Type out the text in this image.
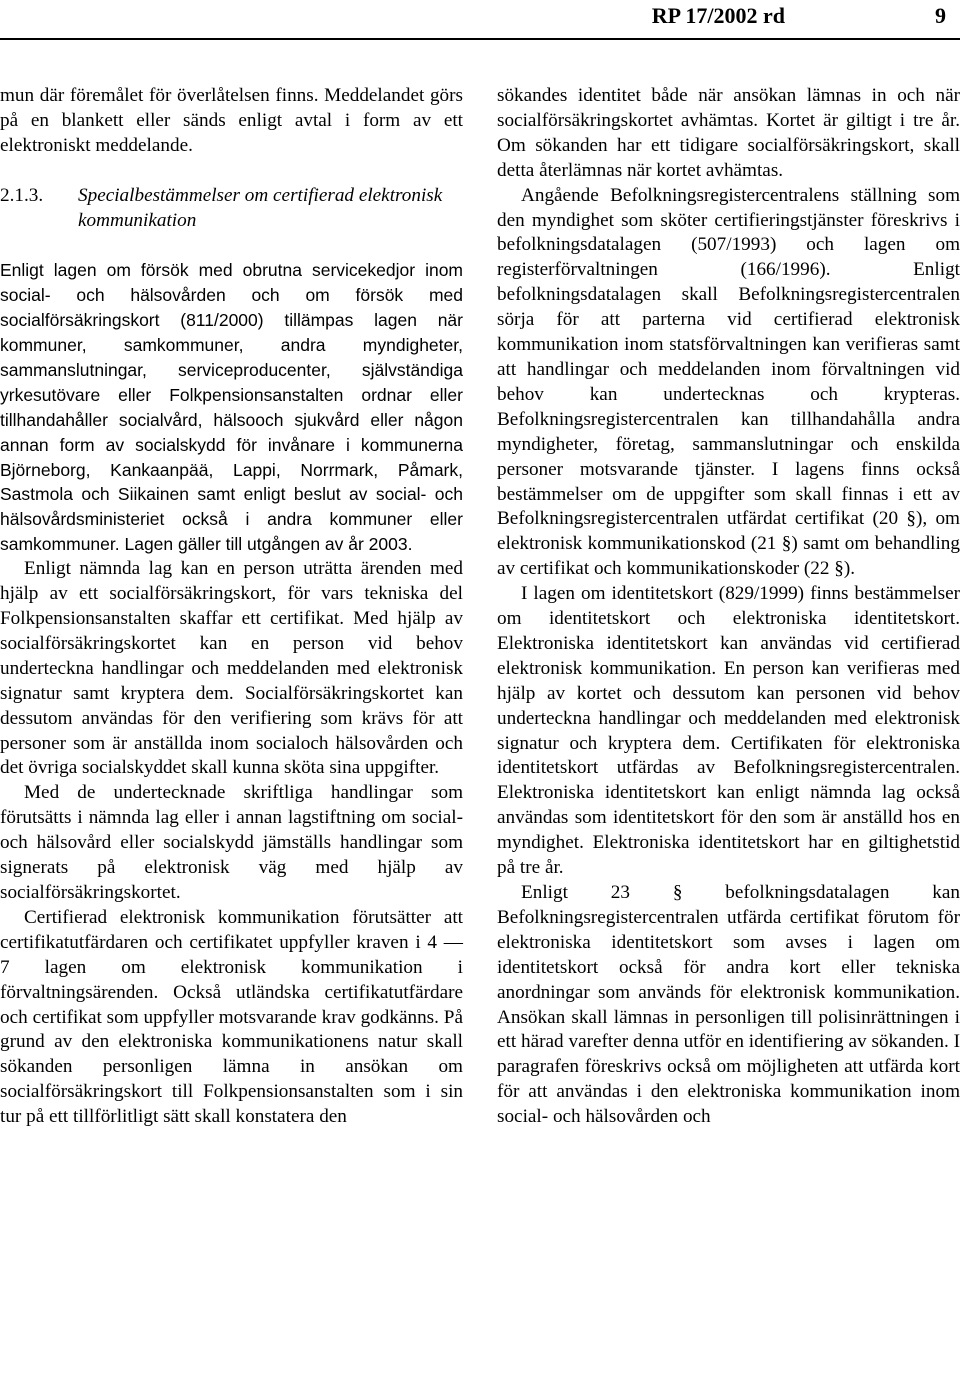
RP 17/2002 rd	9

mun där föremålet för överlåtelsen finns. Meddelandet görs på en blankett eller sänds enligt avtal i form av ett elektroniskt meddelande.

2.1.3.	Specialbestämmelser om certifierad elektronisk kommunikation

Enligt lagen om försök med obrutna servicekedjor inom social- och hälsovården och om försök med socialförsäkringskort (811/2000) tillämpas lagen när kommuner, samkommuner, andra myndigheter, sammanslutningar, serviceproducenter, självständiga yrkesutövare eller Folkpensionsanstalten ordnar eller tillhandahåller socialvård, hälsooch sjukvård eller någon annan form av socialskydd för invånare i kommunerna Björneborg, Kankaanpää, Lappi, Norrmark, Påmark, Sastmola och Siikainen samt enligt beslut av social- och hälsovårdsministeriet också i andra kommuner eller samkommuner. Lagen gäller till utgången av år 2003.

Enligt nämnda lag kan en person uträtta ärenden med hjälp av ett socialförsäkringskort, för vars tekniska del Folkpensionsanstalten skaffar ett certifikat. Med hjälp av socialförsäkringskortet kan en person vid behov underteckna handlingar och meddelanden med elektronisk signatur samt kryptera dem. Socialförsäkringskortet kan dessutom användas för den verifiering som krävs för att personer som är anställda inom socialoch hälsovården och det övriga socialskyddet skall kunna sköta sina uppgifter.

Med de undertecknade skriftliga handlingar som förutsätts i nämnda lag eller i annan lagstiftning om social- och hälsovård eller socialskydd jämställs handlingar som signerats på elektronisk väg med hjälp av socialförsäkringskortet.

Certifierad elektronisk kommunikation förutsätter att certifikatutfärdaren och certifikatet uppfyller kraven i 4 — 7 lagen om elektronisk kommunikation i förvaltningsärenden. Också utländska certifikatutfärdare och certifikat som uppfyller motsvarande krav godkänns. På grund av den elektroniska kommunikationens natur skall sökanden personligen lämna in ansökan om socialförsäkringskort till Folkpensionsanstalten som i sin tur på ett tillförlitligt sätt skall konstatera den

sökandes identitet både när ansökan lämnas in och när socialförsäkringskortet avhämtas. Kortet är giltigt i tre år. Om sökanden har ett tidigare socialförsäkringskort, skall detta återlämnas när kortet avhämtas.

Angående Befolkningsregistercentralens ställning som den myndighet som sköter certifieringstjänster föreskrivs i befolkningsdatalagen (507/1993) och lagen om registerförvaltningen (166/1996). Enligt befolkningsdatalagen skall Befolkningsregistercentralen sörja för att parterna vid certifierad elektronisk kommunikation inom statsförvaltningen kan verifieras samt att handlingar och meddelanden inom förvaltningen vid behov kan undertecknas och krypteras. Befolkningsregistercentralen kan tillhandahålla andra myndigheter, företag, sammanslutningar och enskilda personer motsvarande tjänster. I lagens finns också bestämmelser om de uppgifter som skall finnas i ett av Befolkningsregistercentralen utfärdat certifikat (20 §), om elektronisk kommunikationskod (21 §) samt om behandling av certifikat och kommunikationskoder (22 §).

I lagen om identitetskort (829/1999) finns bestämmelser om identitetskort och elektroniska identitetskort. Elektroniska identitetskort kan användas vid certifierad elektronisk kommunikation. En person kan verifieras med hjälp av kortet och dessutom kan personen vid behov underteckna handlingar och meddelanden med elektronisk signatur och kryptera dem. Certifikaten för elektroniska identitetskort utfärdas av Befolkningsregistercentralen. Elektroniska identitetskort kan enligt nämnda lag också användas som identitetskort för den som är anställd hos en myndighet. Elektroniska identitetskort har en giltighetstid på tre år.

Enligt 23 § befolkningsdatalagen kan Befolkningsregistercentralen utfärda certifikat förutom för elektroniska identitetskort som avses i lagen om identitetskort också för andra kort eller tekniska anordningar som används för elektronisk kommunikation. Ansökan skall lämnas in personligen till polisinrättningen i ett härad varefter denna utför en identifiering av sökanden. I paragrafen föreskrivs också om möjligheten att utfärda kort för att användas i den elektroniska kommunikation inom social- och hälsovården och
